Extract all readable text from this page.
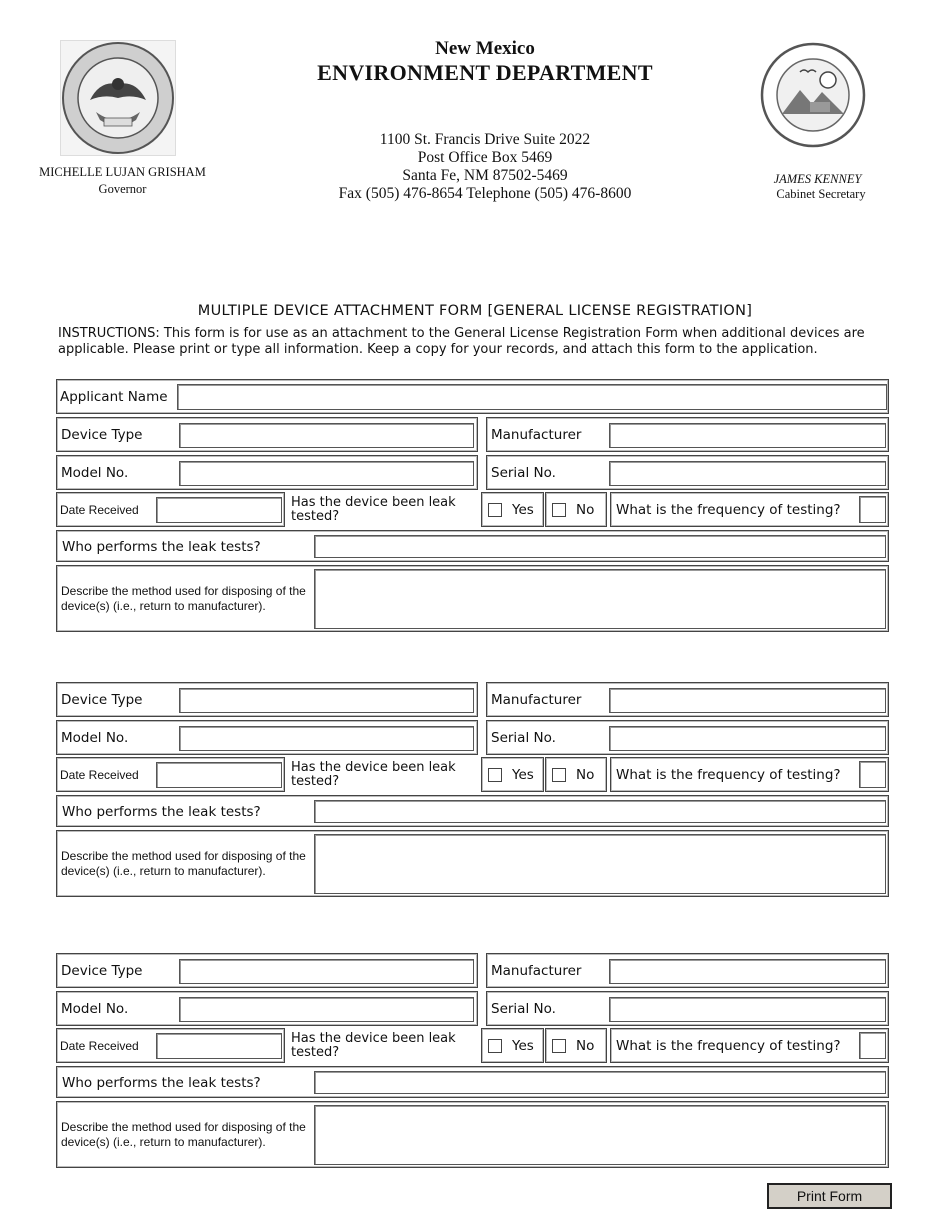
MICHELLE LUJAN GRISHAM
Governor
New Mexico
ENVIRONMENT DEPARTMENT
1100 St. Francis Drive Suite 2022
Post Office Box 5469
Santa Fe, NM 87502-5469
Fax (505) 476-8654 Telephone (505) 476-8600
JAMES KENNEY
Cabinet Secretary
MULTIPLE DEVICE ATTACHMENT FORM [GENERAL LICENSE REGISTRATION]
INSTRUCTIONS: This form is for use as an attachment to the General License Registration Form when additional devices are applicable. Please print or type all information. Keep a copy for your records, and attach this form to the application.
Applicant Name
Device Type	Manufacturer
Model No.	Serial No.
Date Received	Has the device been leak tested?	Yes	No What is the frequency of testing?
Who performs the leak tests?
Describe the method used for disposing of the device(s) (i.e., return to manufacturer).
Device Type	Manufacturer
Model No.	Serial No.
Date Received	Has the device been leak tested?	Yes	No What is the frequency of testing?
Who performs the leak tests?
Describe the method used for disposing of the device(s) (i.e., return to manufacturer).
Device Type	Manufacturer
Model No.	Serial No.
Date Received	Has the device been leak tested?	Yes	No What is the frequency of testing?
Who performs the leak tests?
Describe the method used for disposing of the device(s) (i.e., return to manufacturer).
Print Form
